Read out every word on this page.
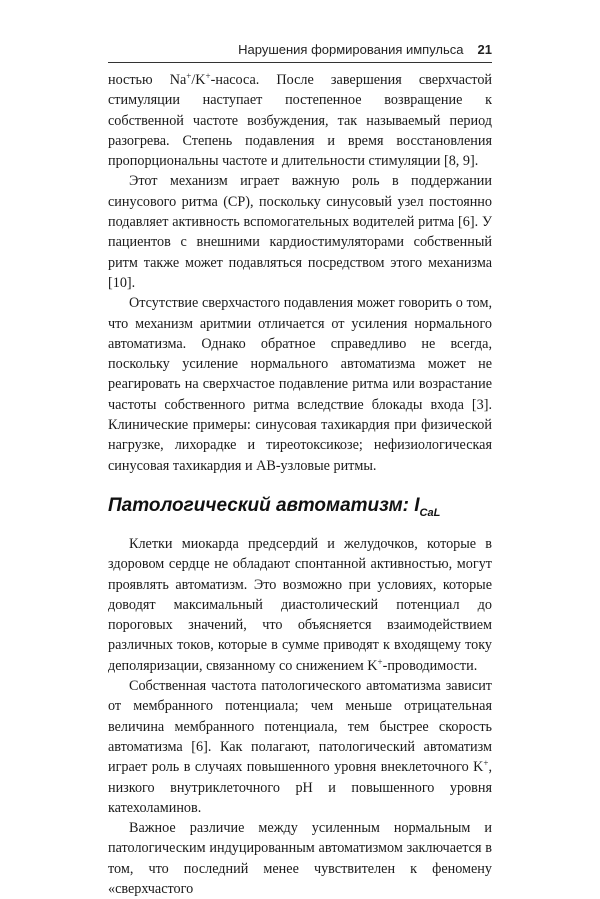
Нарушения формирования импульса 21

ностью Na+/K+-насоса. После завершения сверхчастой стимуляции наступает постепенное возвращение к собственной частоте возбуждения, так называемый период разогрева. Степень подавления и время восстановления пропорциональны частоте и длительности стимуляции [8, 9].

Этот механизм играет важную роль в поддержании синусового ритма (СР), поскольку синусовый узел постоянно подавляет активность вспомогательных водителей ритма [6]. У пациентов с внешними кардиостимуляторами собственный ритм также может подавляться посредством этого механизма [10].

Отсутствие сверхчастого подавления может говорить о том, что механизм аритмии отличается от усиления нормального автоматизма. Однако обратное справедливо не всегда, поскольку усиление нормального автоматизма может не реагировать на сверхчастое подавление ритма или возрастание частоты собственного ритма вследствие блокады входа [3]. Клинические примеры: синусовая тахикардия при физической нагрузке, лихорадке и тиреотоксикозе; нефизиологическая синусовая тахикардия и АВ-узловые ритмы.

Патологический автоматизм: $I_{CaL}$

Клетки миокарда предсердий и желудочков, которые в здоровом сердце не обладают спонтанной активностью, могут проявлять автоматизм. Это возможно при условиях, которые доводят максимальный диастолический потенциал до пороговых значений, что объясняется взаимодействием различных токов, которые в сумме приводят к входящему току деполяризации, связанному со снижением K+-проводимости.

Собственная частота патологического автоматизма зависит от мембранного потенциала; чем меньше отрицательная величина мембранного потенциала, тем быстрее скорость автоматизма [6]. Как полагают, патологический автоматизм играет роль в случаях повышенного уровня внеклеточного K+, низкого внутриклеточного pH и повышенного уровня катехоламинов.

Важное различие между усиленным нормальным и патологическим индуцированным автоматизмом заключается в том, что последний менее чувствителен к феномену «сверхчастого
